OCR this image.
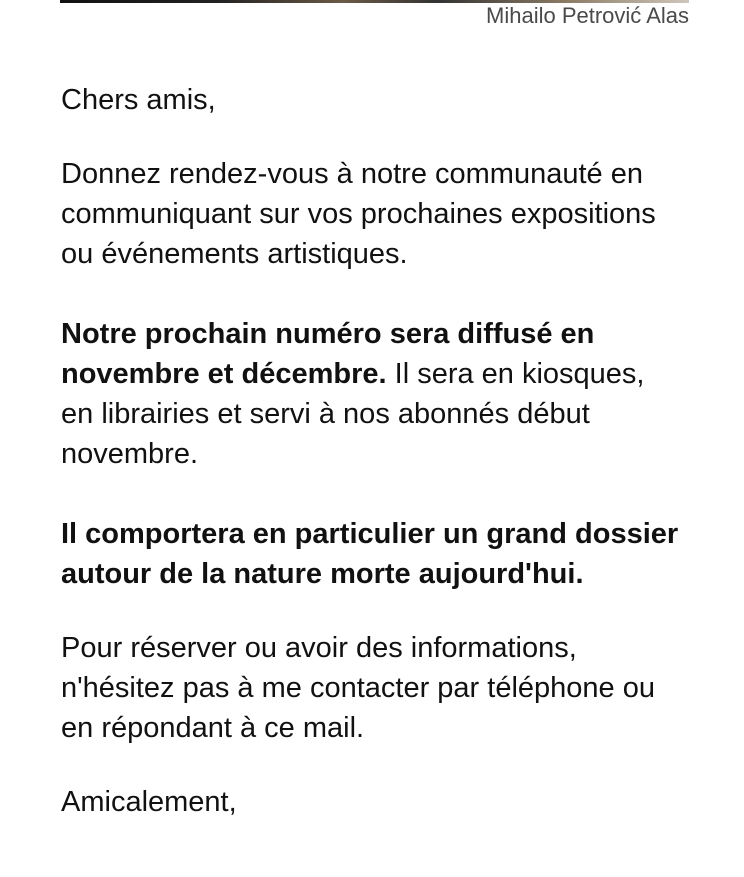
Mihailo Petrović Alas

Chers amis,

Donnez rendez-vous à notre communauté en communiquant sur vos prochaines expositions ou événements artistiques.

Notre prochain numéro sera diffusé en novembre et décembre. Il sera en kiosques, en librairies et servi à nos abonnés début novembre.

Il comportera en particulier un grand dossier autour de la nature morte aujourd'hui.

Pour réserver ou avoir des informations, n'hésitez pas à me contacter par téléphone ou en répondant à ce mail.

Amicalement,
